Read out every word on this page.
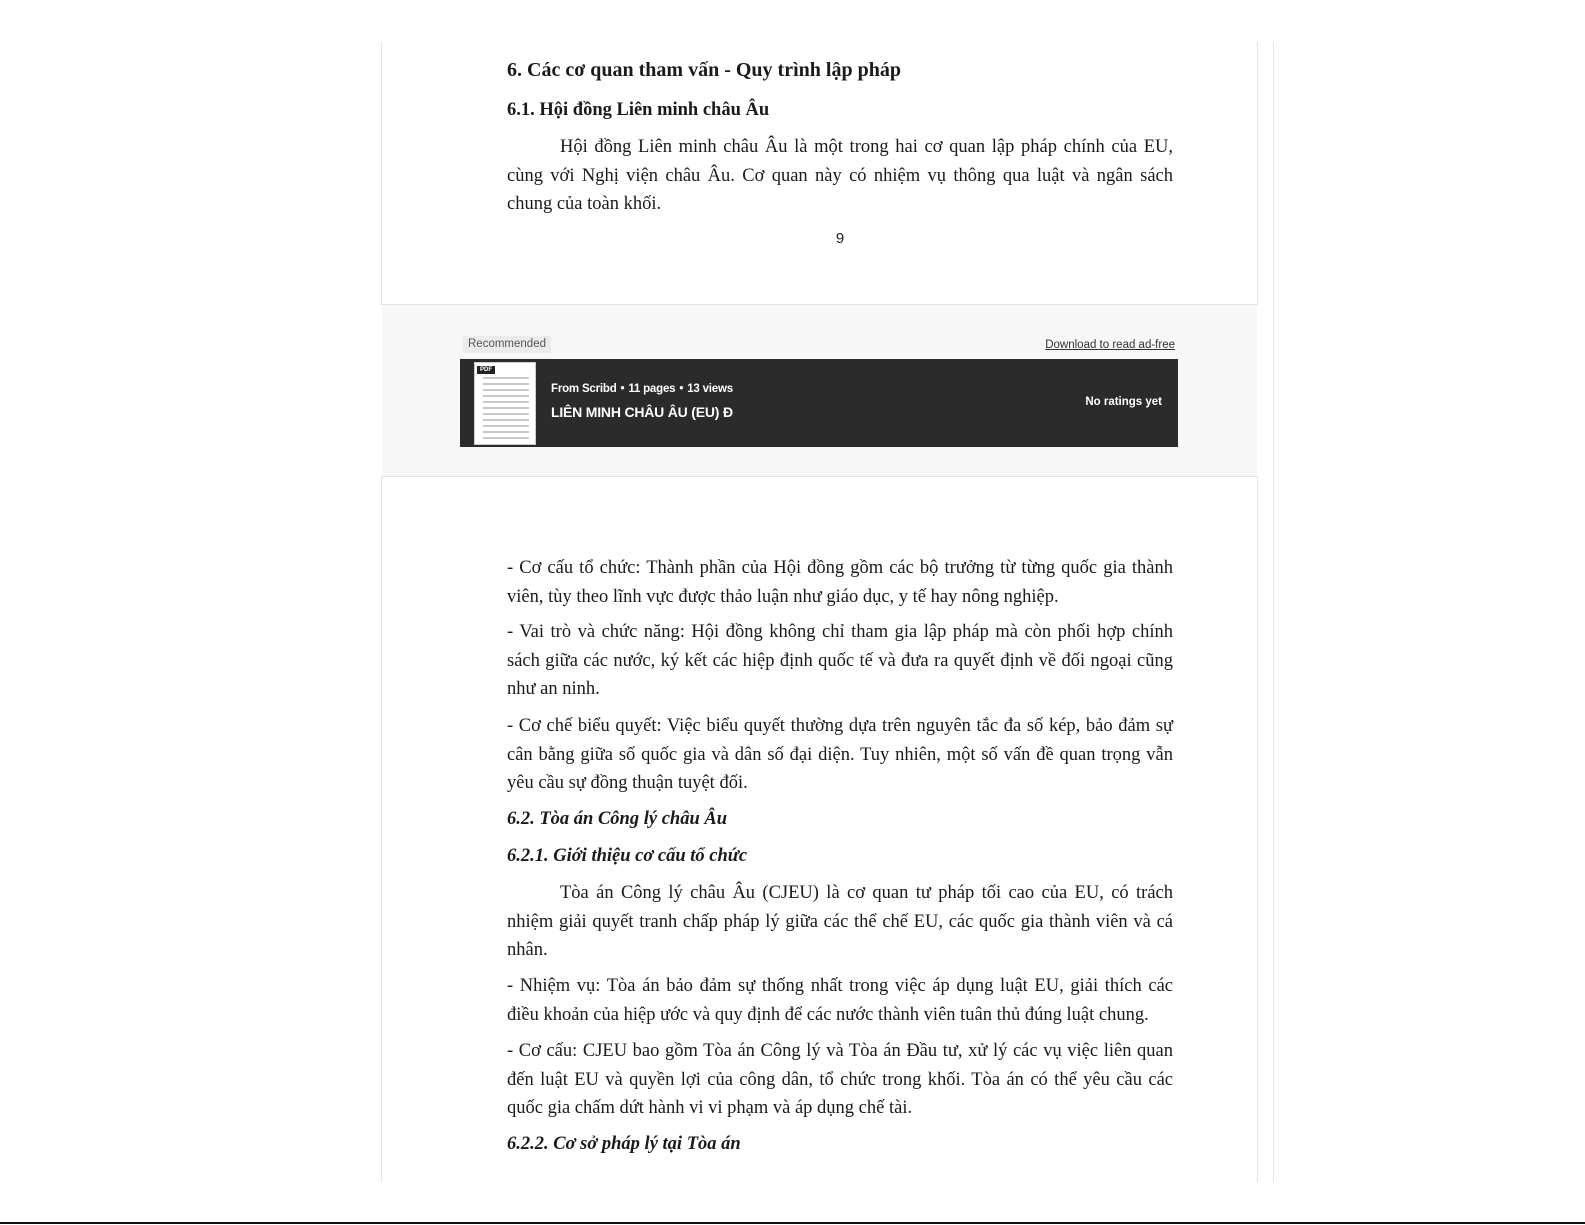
6. Các cơ quan tham vấn - Quy trình lập pháp
6.1. Hội đồng Liên minh châu Âu
Hội đồng Liên minh châu Âu là một trong hai cơ quan lập pháp chính của EU, cùng với Nghị viện châu Âu. Cơ quan này có nhiệm vụ thông qua luật và ngân sách chung của toàn khối.
9
Recommended	Download to read ad-free
PDF
From Scribd • 11 pages • 13 views
LIÊN MINH CHÂU ÂU (EU) Đ
No ratings yet
- Cơ cấu tổ chức: Thành phần của Hội đồng gồm các bộ trưởng từ từng quốc gia thành viên, tùy theo lĩnh vực được thảo luận như giáo dục, y tế hay nông nghiệp.
- Vai trò và chức năng: Hội đồng không chỉ tham gia lập pháp mà còn phối hợp chính sách giữa các nước, ký kết các hiệp định quốc tế và đưa ra quyết định về đối ngoại cũng như an ninh.
- Cơ chế biểu quyết: Việc biểu quyết thường dựa trên nguyên tắc đa số kép, bảo đảm sự cân bằng giữa số quốc gia và dân số đại diện. Tuy nhiên, một số vấn đề quan trọng vẫn yêu cầu sự đồng thuận tuyệt đối.
6.2. Tòa án Công lý châu Âu
6.2.1. Giới thiệu cơ cấu tổ chức
Tòa án Công lý châu Âu (CJEU) là cơ quan tư pháp tối cao của EU, có trách nhiệm giải quyết tranh chấp pháp lý giữa các thể chế EU, các quốc gia thành viên và cá nhân.
- Nhiệm vụ: Tòa án bảo đảm sự thống nhất trong việc áp dụng luật EU, giải thích các điều khoản của hiệp ước và quy định để các nước thành viên tuân thủ đúng luật chung.
- Cơ cấu: CJEU bao gồm Tòa án Công lý và Tòa án Đầu tư, xử lý các vụ việc liên quan đến luật EU và quyền lợi của công dân, tổ chức trong khối. Tòa án có thể yêu cầu các quốc gia chấm dứt hành vi vi phạm và áp dụng chế tài.
6.2.2. Cơ sở pháp lý tại Tòa án
